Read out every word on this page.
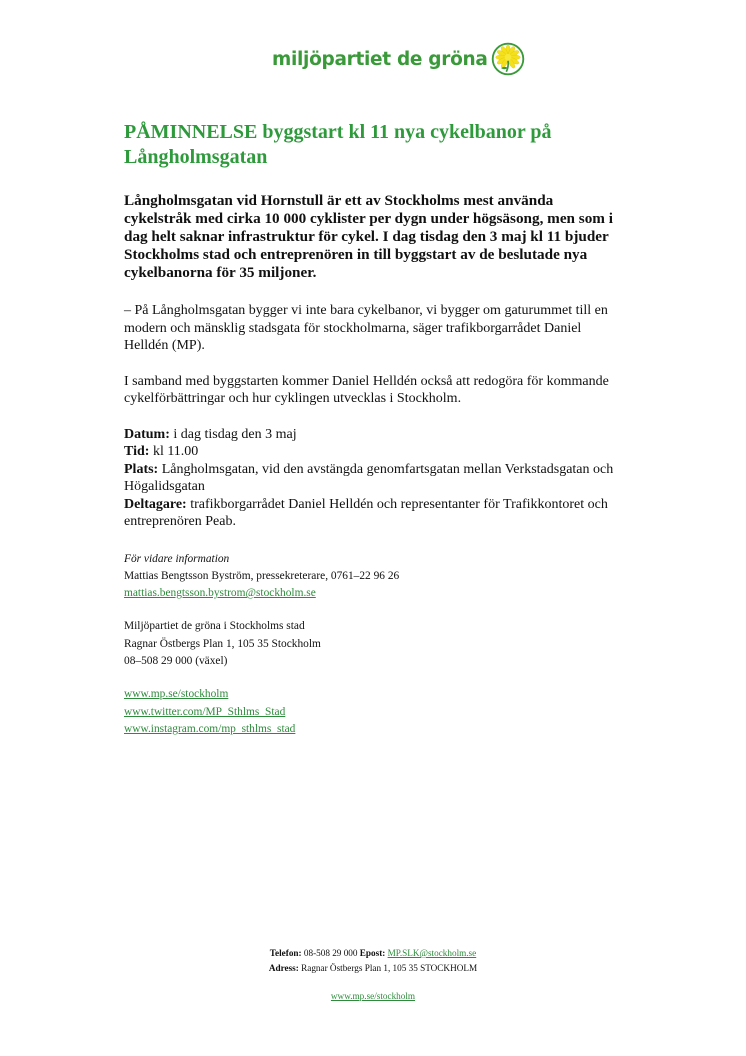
miljöpartiet de gröna
PÅMINNELSE byggstart kl 11 nya cykelbanor på Långholmsgatan

Långholmsgatan vid Hornstull är ett av Stockholms mest använda cykelstråk med cirka 10 000 cyklister per dygn under högsäsong, men som i dag helt saknar infrastruktur för cykel. I dag tisdag den 3 maj kl 11 bjuder Stockholms stad och entreprenören in till byggstart av de beslutade nya cykelbanorna för 35 miljoner.

– På Långholmsgatan bygger vi inte bara cykelbanor, vi bygger om gaturummet till en modern och mänsklig stadsgata för stockholmarna, säger trafikborgarrådet Daniel Helldén (MP).

I samband med byggstarten kommer Daniel Helldén också att redogöra för kommande cykelförbättringar och hur cyklingen utvecklas i Stockholm.

Datum: i dag tisdag den 3 maj
Tid: kl 11.00
Plats: Långholmsgatan, vid den avstängda genomfartsgatan mellan Verkstadsgatan och Högalidsgatan
Deltagare: trafikborgarrådet Daniel Helldén och representanter för Trafikkontoret och entreprenören Peab.
För vidare information
Mattias Bengtsson Byström, pressekreterare, 0761–22 96 26
mattias.bengtsson.bystrom@stockholm.se
Miljöpartiet de gröna i Stockholms stad
Ragnar Östbergs Plan 1, 105 35 Stockholm
08–508 29 000 (växel)
www.mp.se/stockholm
www.twitter.com/MP_Sthlms_Stad
www.instagram.com/mp_sthlms_stad
Telefon: 08-508 29 000 Epost: MP.SLK@stockholm.se
Adress: Ragnar Östbergs Plan 1, 105 35 STOCKHOLM
www.mp.se/stockholm
